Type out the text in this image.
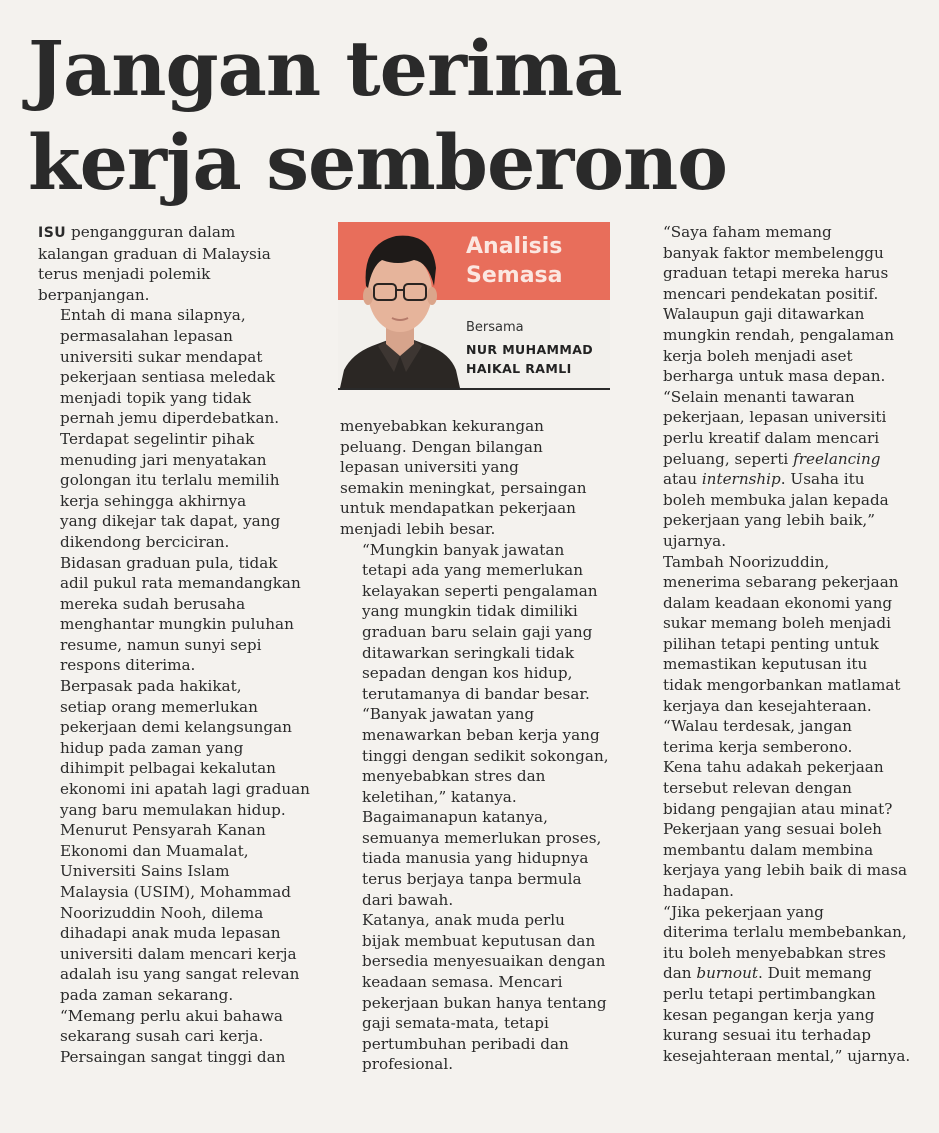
Jangan terima
kerja semberono

ISU pengangguran dalam
kalangan graduan di Malaysia
terus menjadi polemik
berpanjangan.

Entah di mana silapnya,
permasalahan lepasan
universiti sukar mendapat
pekerjaan sentiasa meledak
menjadi topik yang tidak
pernah jemu diperdebatkan.

Terdapat segelintir pihak
menuding jari menyatakan
golongan itu terlalu memilih
kerja sehingga akhirnya
yang dikejar tak dapat, yang
dikendong berciciran.

Bidasan graduan pula, tidak
adil pukul rata memandangkan
mereka sudah berusaha
menghantar mungkin puluhan
resume, namun sunyi sepi
respons diterima.

Berpasak pada hakikat,
setiap orang memerlukan
pekerjaan demi kelangsungan
hidup pada zaman yang
dihimpit pelbagai kekalutan
ekonomi ini apatah lagi graduan
yang baru memulakan hidup.

Menurut Pensyarah Kanan
Ekonomi dan Muamalat,
Universiti Sains Islam
Malaysia (USIM), Mohammad
Noorizuddin Nooh, dilema
dihadapi anak muda lepasan
universiti dalam mencari kerja
adalah isu yang sangat relevan
pada zaman sekarang.

“Memang perlu akui bahawa
sekarang susah cari kerja.
Persaingan sangat tinggi dan

Analisis
Semasa
Bersama
NUR MUHAMMAD
HAIKAL RAMLI

menyebabkan kekurangan
peluang. Dengan bilangan
lepasan universiti yang
semakin meningkat, persaingan
untuk mendapatkan pekerjaan
menjadi lebih besar.

“Mungkin banyak jawatan
tetapi ada yang memerlukan
kelayakan seperti pengalaman
yang mungkin tidak dimiliki
graduan baru selain gaji yang
ditawarkan seringkali tidak
sepadan dengan kos hidup,
terutamanya di bandar besar.

“Banyak jawatan yang
menawarkan beban kerja yang
tinggi dengan sedikit sokongan,
menyebabkan stres dan
keletihan,” katanya.

Bagaimanapun katanya,
semuanya memerlukan proses,
tiada manusia yang hidupnya
terus berjaya tanpa bermula
dari bawah.

Katanya, anak muda perlu
bijak membuat keputusan dan
bersedia menyesuaikan dengan
keadaan semasa. Mencari
pekerjaan bukan hanya tentang
gaji semata-mata, tetapi
pertumbuhan peribadi dan
profesional.

“Saya faham memang
banyak faktor membelenggu
graduan tetapi mereka harus
mencari pendekatan positif.
Walaupun gaji ditawarkan
mungkin rendah, pengalaman
kerja boleh menjadi aset
berharga untuk masa depan.

“Selain menanti tawaran
pekerjaan, lepasan universiti
perlu kreatif dalam mencari
peluang, seperti freelancing
atau internship. Usaha itu
boleh membuka jalan kepada
pekerjaan yang lebih baik,”
ujarnya.

Tambah Noorizuddin,
menerima sebarang pekerjaan
dalam keadaan ekonomi yang
sukar memang boleh menjadi
pilihan tetapi penting untuk
memastikan keputusan itu
tidak mengorbankan matlamat
kerjaya dan kesejahteraan.

“Walau terdesak, jangan
terima kerja semberono.
Kena tahu adakah pekerjaan
tersebut relevan dengan
bidang pengajian atau minat?
Pekerjaan yang sesuai boleh
membantu dalam membina
kerjaya yang lebih baik di masa
hadapan.

“Jika pekerjaan yang
diterima terlalu membebankan,
itu boleh menyebabkan stres
dan burnout. Duit memang
perlu tetapi pertimbangkan
kesan pegangan kerja yang
kurang sesuai itu terhadap
kesejahteraan mental,” ujarnya.
